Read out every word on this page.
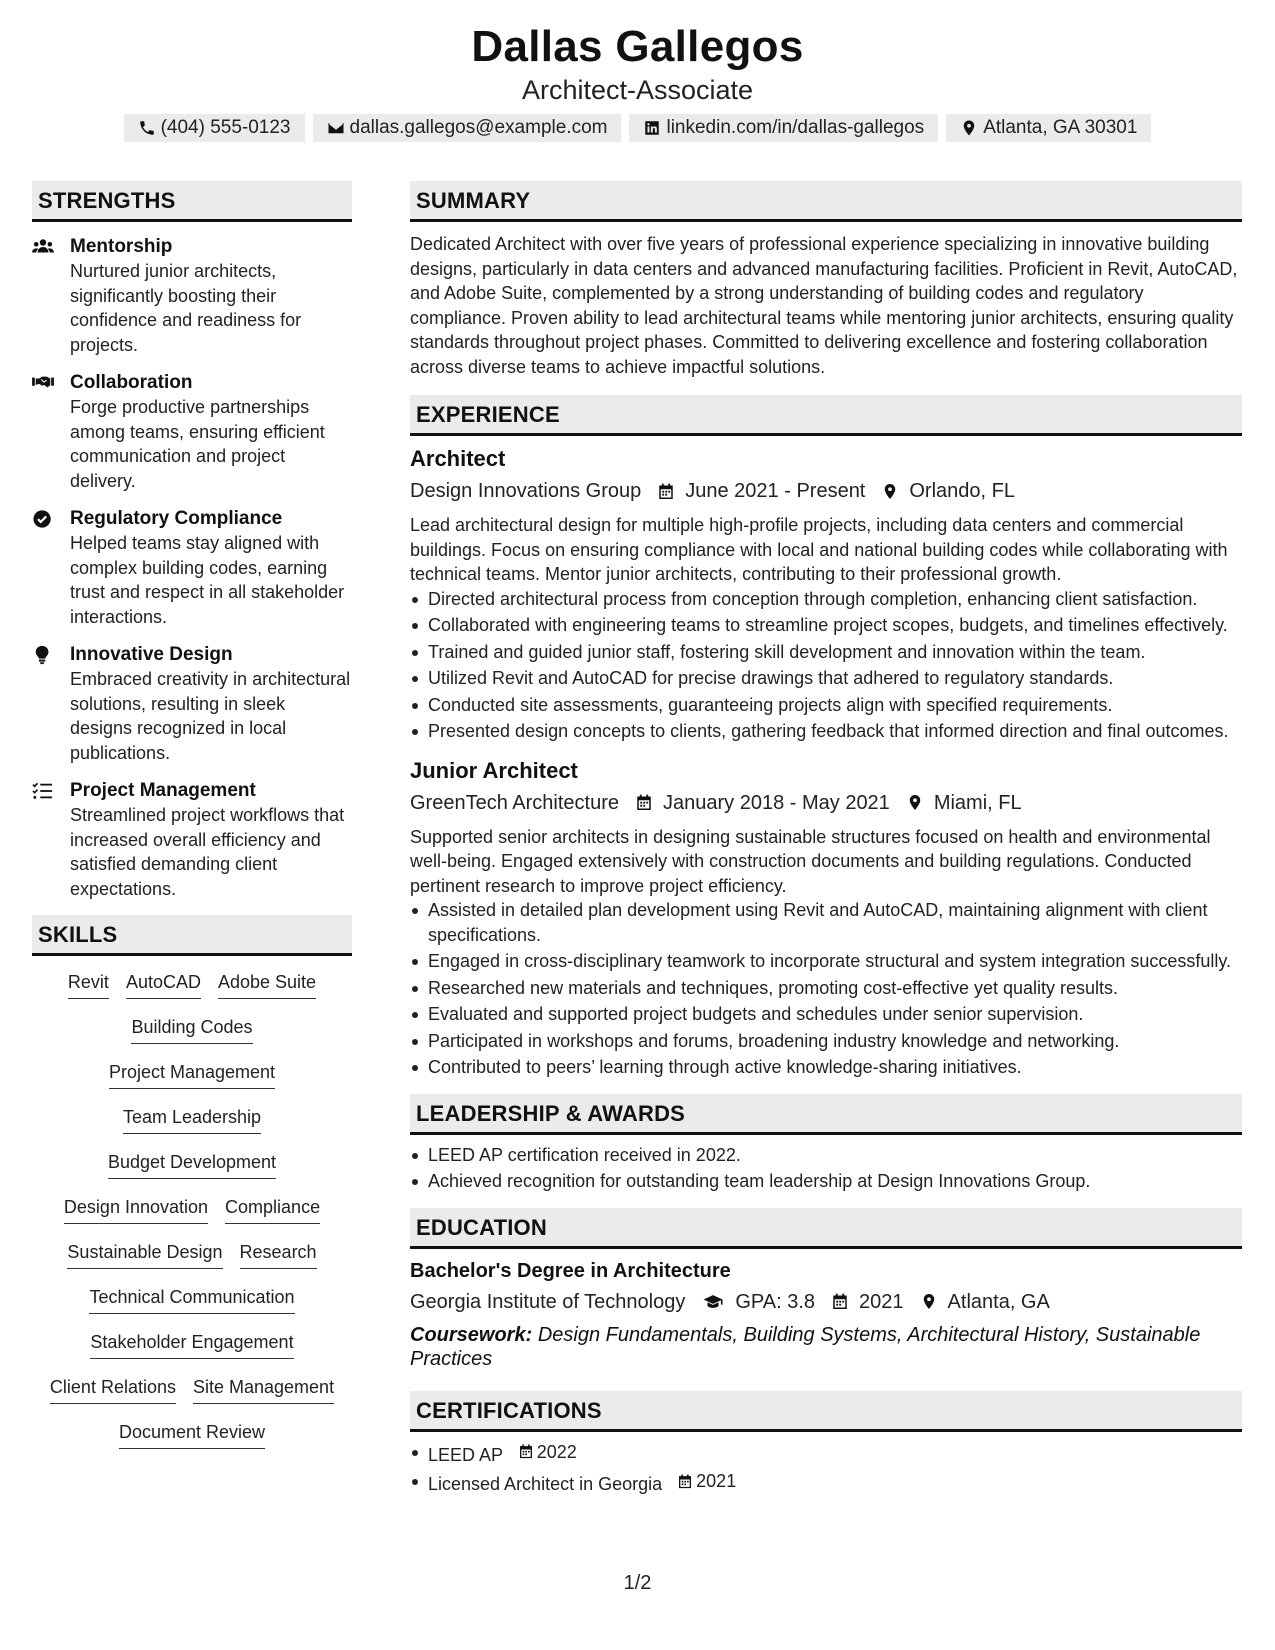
Dallas Gallegos
Architect-Associate
(404) 555-0123	dallas.gallegos@example.com	linkedin.com/in/dallas-gallegos	Atlanta, GA 30301
STRENGTHS
Mentorship
Nurtured junior architects, significantly boosting their confidence and readiness for projects.
Collaboration
Forge productive partnerships among teams, ensuring efficient communication and project delivery.
Regulatory Compliance
Helped teams stay aligned with complex building codes, earning trust and respect in all stakeholder interactions.
Innovative Design
Embraced creativity in architectural solutions, resulting in sleek designs recognized in local publications.
Project Management
Streamlined project workflows that increased overall efficiency and satisfied demanding client expectations.
SKILLS
Revit AutoCAD Adobe Suite
Building Codes
Project Management
Team Leadership
Budget Development
Design Innovation Compliance
Sustainable Design Research
Technical Communication
Stakeholder Engagement
Client Relations Site Management
Document Review
SUMMARY
Dedicated Architect with over five years of professional experience specializing in innovative building designs, particularly in data centers and advanced manufacturing facilities. Proficient in Revit, AutoCAD, and Adobe Suite, complemented by a strong understanding of building codes and regulatory compliance. Proven ability to lead architectural teams while mentoring junior architects, ensuring quality standards throughout project phases. Committed to delivering excellence and fostering collaboration across diverse teams to achieve impactful solutions.
EXPERIENCE
Architect
Design Innovations Group June 2021 - Present Orlando, FL
Lead architectural design for multiple high-profile projects, including data centers and commercial buildings. Focus on ensuring compliance with local and national building codes while collaborating with technical teams. Mentor junior architects, contributing to their professional growth.
Directed architectural process from conception through completion, enhancing client satisfaction.
Collaborated with engineering teams to streamline project scopes, budgets, and timelines effectively.
Trained and guided junior staff, fostering skill development and innovation within the team.
Utilized Revit and AutoCAD for precise drawings that adhered to regulatory standards.
Conducted site assessments, guaranteeing projects align with specified requirements.
Presented design concepts to clients, gathering feedback that informed direction and final outcomes.
Junior Architect
GreenTech Architecture January 2018 - May 2021 Miami, FL
Supported senior architects in designing sustainable structures focused on health and environmental well-being. Engaged extensively with construction documents and building regulations. Conducted pertinent research to improve project efficiency.
Assisted in detailed plan development using Revit and AutoCAD, maintaining alignment with client specifications.
Engaged in cross-disciplinary teamwork to incorporate structural and system integration successfully.
Researched new materials and techniques, promoting cost-effective yet quality results.
Evaluated and supported project budgets and schedules under senior supervision.
Participated in workshops and forums, broadening industry knowledge and networking.
Contributed to peers’ learning through active knowledge-sharing initiatives.
LEADERSHIP & AWARDS
LEED AP certification received in 2022.
Achieved recognition for outstanding team leadership at Design Innovations Group.
EDUCATION
Bachelor's Degree in Architecture
Georgia Institute of Technology	GPA: 3.8 2021 Atlanta, GA
Coursework: Design Fundamentals, Building Systems, Architectural History, Sustainable Practices
CERTIFICATIONS
LEED AP 2022
Licensed Architect in Georgia 2021
1/2
